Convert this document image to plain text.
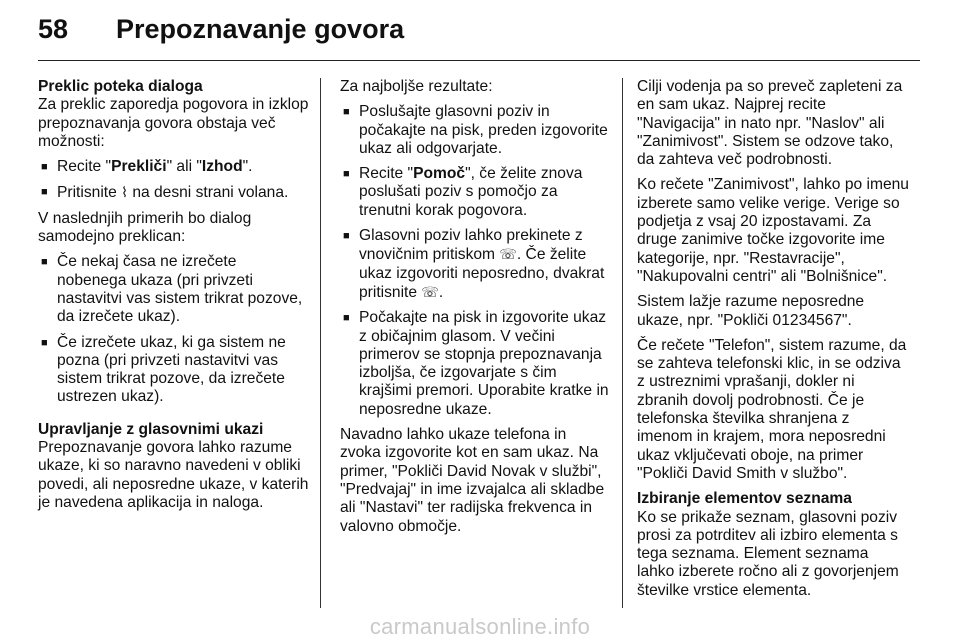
58	Prepoznavanje govora

Preklic poteka dialoga

Za preklic zaporedja pogovora in izklop prepoznavanja govora obstaja več možnosti:

■ Recite "Prekliči" ali "Izhod".
■ Pritisnite ⌇ na desni strani volana.

V naslednjih primerih bo dialog samodejno preklican:

■ Če nekaj časa ne izrečete nobenega ukaza (pri privzeti nastavitvi vas sistem trikrat pozove, da izrečete ukaz).
■ Če izrečete ukaz, ki ga sistem ne pozna (pri privzeti nastavitvi vas sistem trikrat pozove, da izrečete ustrezen ukaz).

Upravljanje z glasovnimi ukazi

Prepoznavanje govora lahko razume ukaze, ki so naravno navedeni v obliki povedi, ali neposredne ukaze, v katerih je navedena aplikacija in naloga.

Za najboljše rezultate:

■ Poslušajte glasovni poziv in počakajte na pisk, preden izgovorite ukaz ali odgovarjate.
■ Recite "Pomoč", če želite znova poslušati poziv s pomočjo za trenutni korak pogovora.
■ Glasovni poziv lahko prekinete z vnovičnim pritiskom ☏. Če želite ukaz izgovoriti neposredno, dvakrat pritisnite ☏.
■ Počakajte na pisk in izgovorite ukaz z običajnim glasom. V večini primerov se stopnja prepoznavanja izboljša, če izgovarjate s čim krajšimi premori. Uporabite kratke in neposredne ukaze.

Navadno lahko ukaze telefona in zvoka izgovorite kot en sam ukaz. Na primer, "Pokliči David Novak v službi", "Predvajaj" in ime izvajalca ali skladbe ali "Nastavi" ter radijska frekvenca in valovno območje.

Cilji vodenja pa so preveč zapleteni za en sam ukaz. Najprej recite "Navigacija" in nato npr. "Naslov" ali "Zanimivost". Sistem se odzove tako, da zahteva več podrobnosti.

Ko rečete "Zanimivost", lahko po imenu izberete samo velike verige. Verige so podjetja z vsaj 20 izpostavami. Za druge zanimive točke izgovorite ime kategorije, npr. "Restavracije", "Nakupovalni centri" ali "Bolnišnice".

Sistem lažje razume neposredne ukaze, npr. "Pokliči 01234567".

Če rečete "Telefon", sistem razume, da se zahteva telefonski klic, in se odziva z ustreznimi vprašanji, dokler ni zbranih dovolj podrobnosti. Če je telefonska številka shranjena z imenom in krajem, mora neposredni ukaz vključevati oboje, na primer "Pokliči David Smith v službo".

Izbiranje elementov seznama

Ko se prikaže seznam, glasovni poziv prosi za potrditev ali izbiro elementa s tega seznama. Element seznama lahko izberete ročno ali z govorjenjem številke vrstice elementa.

carmanualsonline.info
